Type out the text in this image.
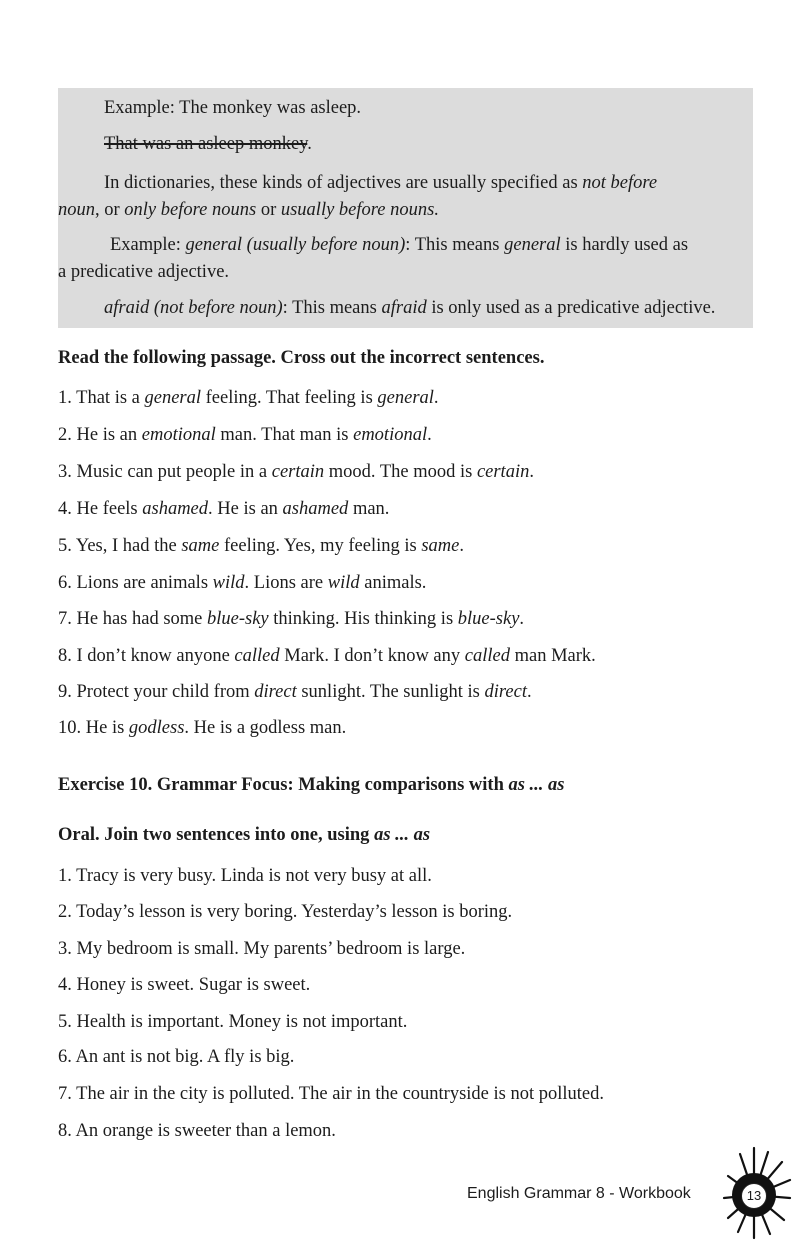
Example: The monkey was asleep.
That was an asleep monkey.
In dictionaries, these kinds of adjectives are usually specified as not before
noun, or only before nouns or usually before nouns.
Example: general (usually before noun): This means general is hardly used as
a predicative adjective.
afraid (not before noun): This means afraid is only used as a predicative adjective.
Read the following passage. Cross out the incorrect sentences.
1. That is a general feeling. That feeling is general.
2. He is an emotional man. That man is emotional.
3. Music can put people in a certain mood. The mood is certain.
4. He feels ashamed. He is an ashamed man.
5. Yes, I had the same feeling. Yes, my feeling is same.
6. Lions are animals wild. Lions are wild animals.
7. He has had some blue-sky thinking. His thinking is blue-sky.
8. I don’t know anyone called Mark. I don’t know any called man Mark.
9. Protect your child from direct sunlight. The sunlight is direct.
10. He is godless. He is a godless man.
Exercise 10. Grammar Focus: Making comparisons with as ... as
Oral. Join two sentences into one, using as ... as
1. Tracy is very busy. Linda is not very busy at all.
2. Today’s lesson is very boring. Yesterday’s lesson is boring.
3. My bedroom is small. My parents’ bedroom is large.
4. Honey is sweet. Sugar is sweet.
5. Health is important. Money is not important.
6. An ant is not big. A fly is big.
7. The air in the city is polluted. The air in the countryside is not polluted.
8. An orange is sweeter than a lemon.
English Grammar 8 - Workbook	13
